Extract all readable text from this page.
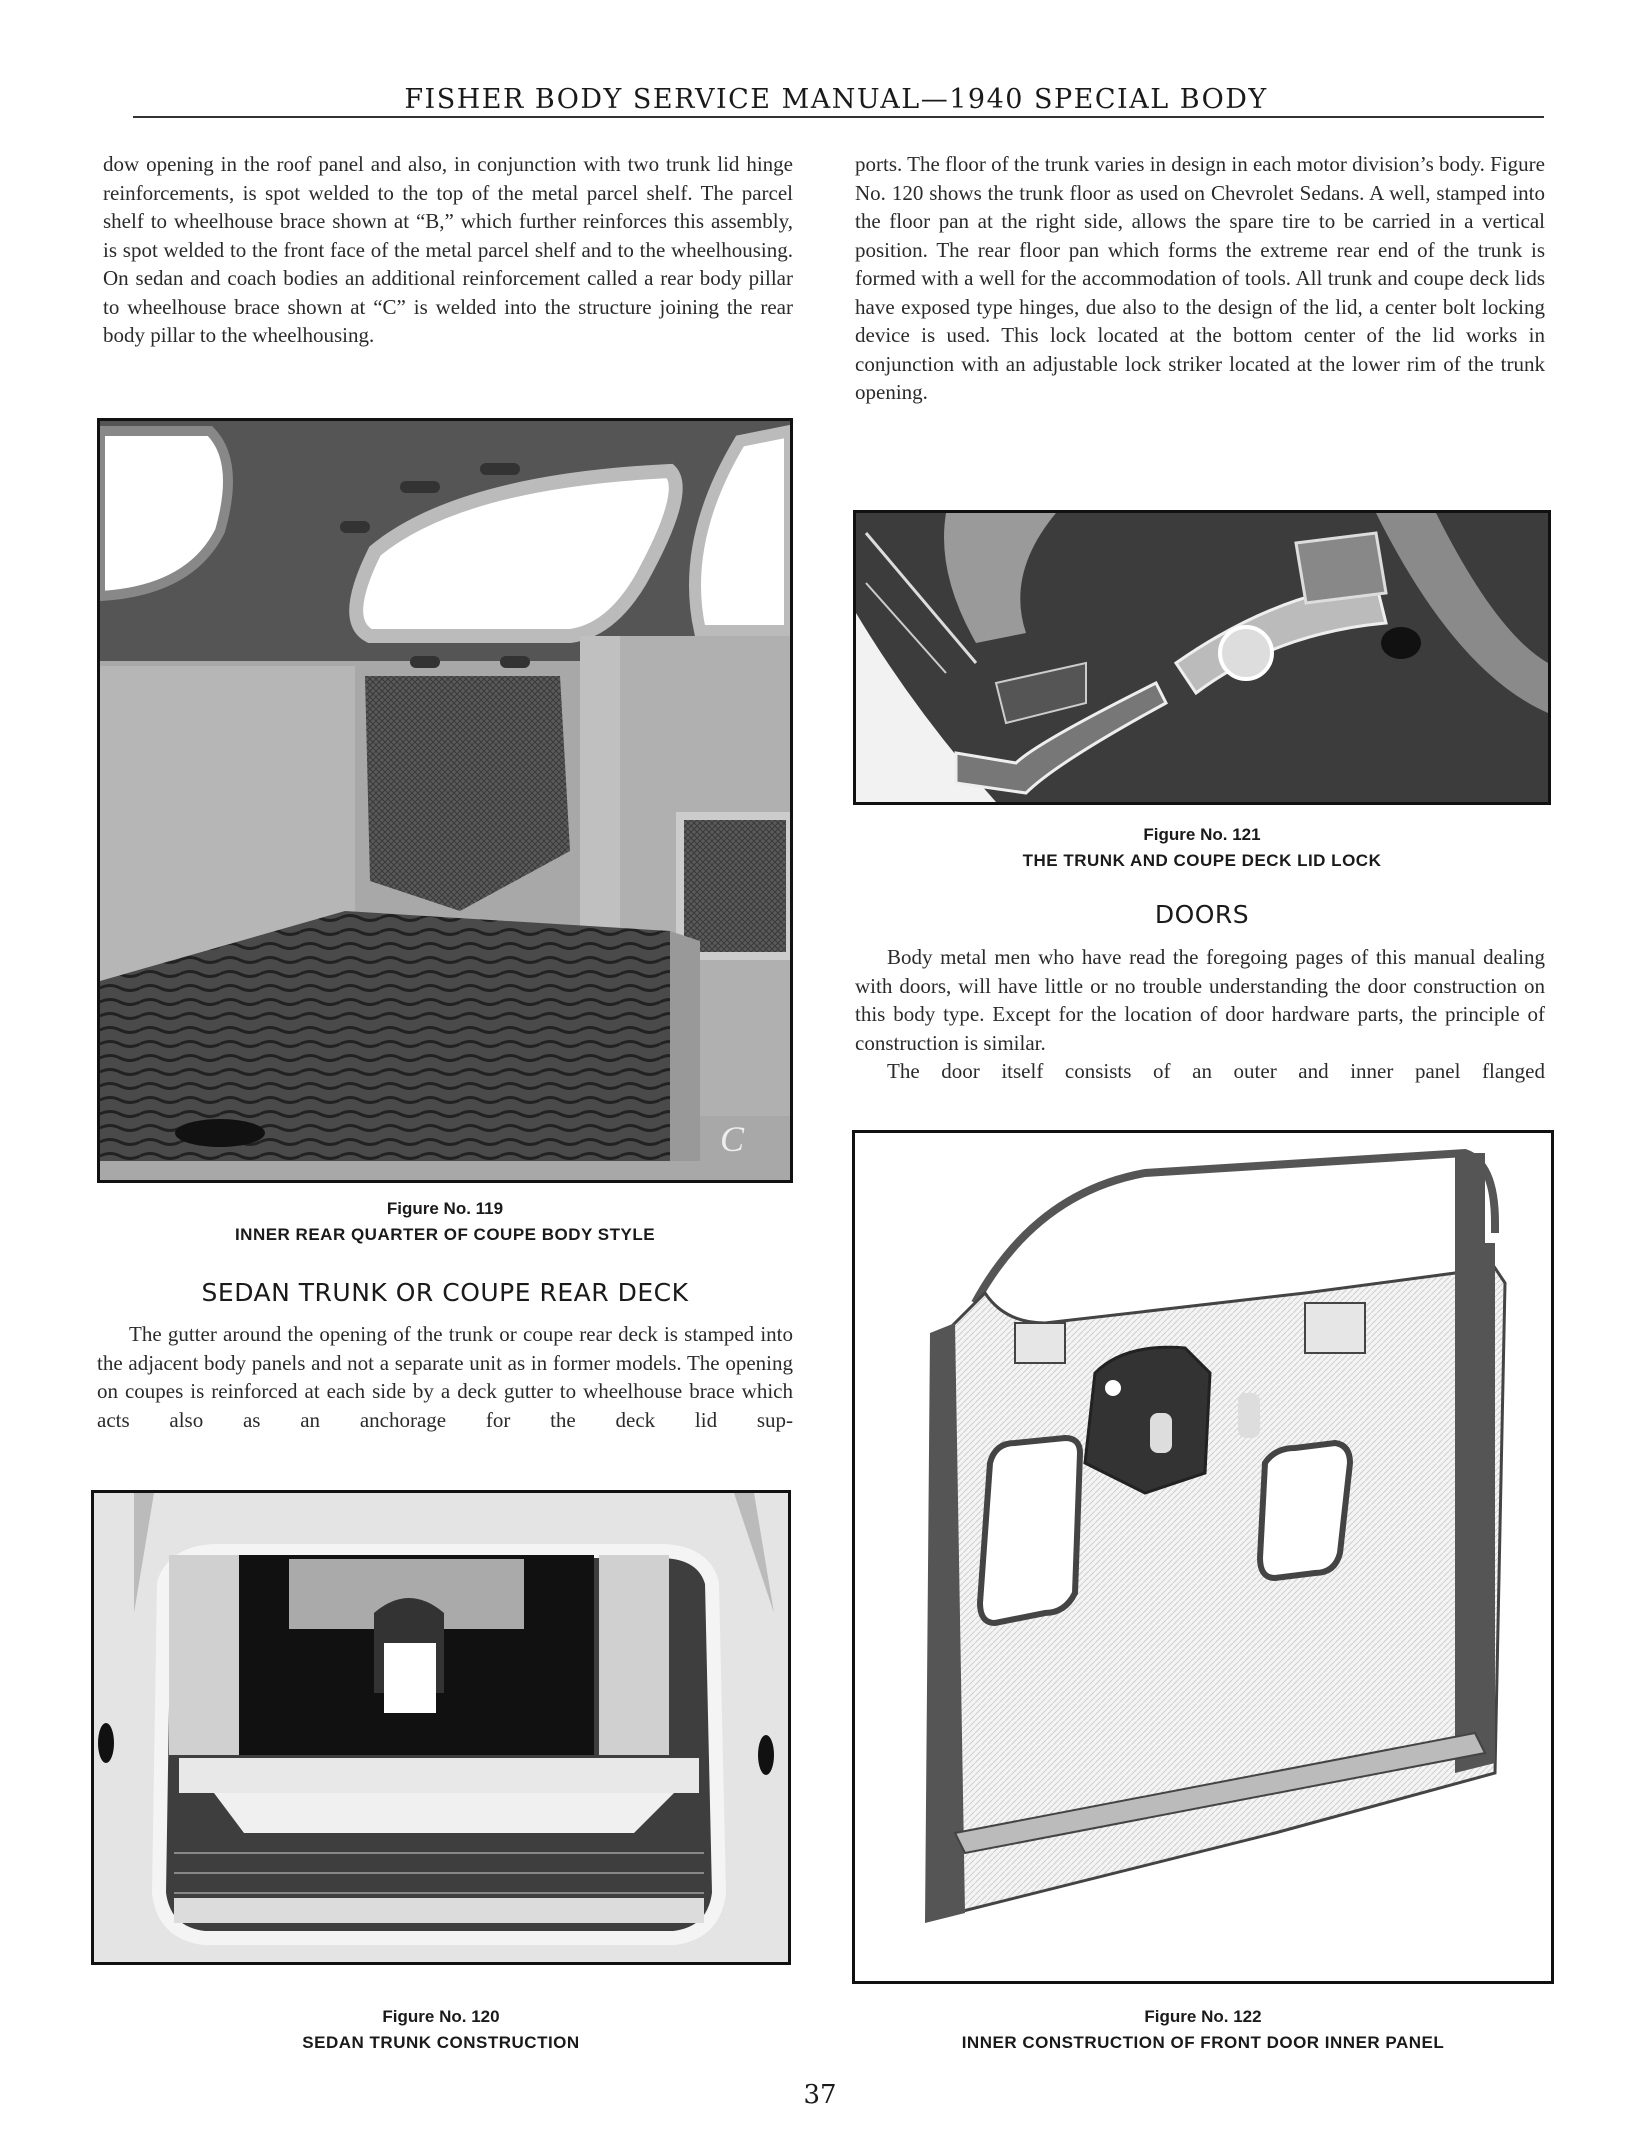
FISHER BODY SERVICE MANUAL—1940 SPECIAL BODY

dow opening in the roof panel and also, in conjunction with two trunk lid hinge reinforcements, is spot welded to the top of the metal parcel shelf. The parcel shelf to wheelhouse brace shown at “B,” which further reinforces this assembly, is spot welded to the front face of the metal parcel shelf and to the wheelhousing. On sedan and coach bodies an additional reinforcement called a rear body pillar to wheelhouse brace shown at “C” is welded into the structure joining the rear body pillar to the wheelhousing.

C
Figure No. 119
INNER REAR QUARTER OF COUPE BODY STYLE
SEDAN TRUNK OR COUPE REAR DECK

The gutter around the opening of the trunk or coupe rear deck is stamped into the adjacent body panels and not a separate unit as in former models. The opening on coupes is reinforced at each side by a deck gutter to wheelhouse brace which acts also as an anchorage for the deck lid sup-

Figure No. 120
SEDAN TRUNK CONSTRUCTION

ports. The floor of the trunk varies in design in each motor division’s body. Figure No. 120 shows the trunk floor as used on Chevrolet Sedans. A well, stamped into the floor pan at the right side, allows the spare tire to be carried in a vertical position. The rear floor pan which forms the extreme rear end of the trunk is formed with a well for the accommodation of tools. All trunk and coupe deck lids have exposed type hinges, due also to the design of the lid, a center bolt locking device is used. This lock located at the bottom center of the lid works in conjunction with an adjustable lock striker located at the lower rim of the trunk opening.

Figure No. 121
THE TRUNK AND COUPE DECK LID LOCK
DOORS

Body metal men who have read the foregoing pages of this manual dealing with doors, will have little or no trouble understanding the door construction on this body type. Except for the location of door hardware parts, the principle of construction is similar.

The door itself consists of an outer and inner panel flanged

Figure No. 122
INNER CONSTRUCTION OF FRONT DOOR INNER PANEL
37
